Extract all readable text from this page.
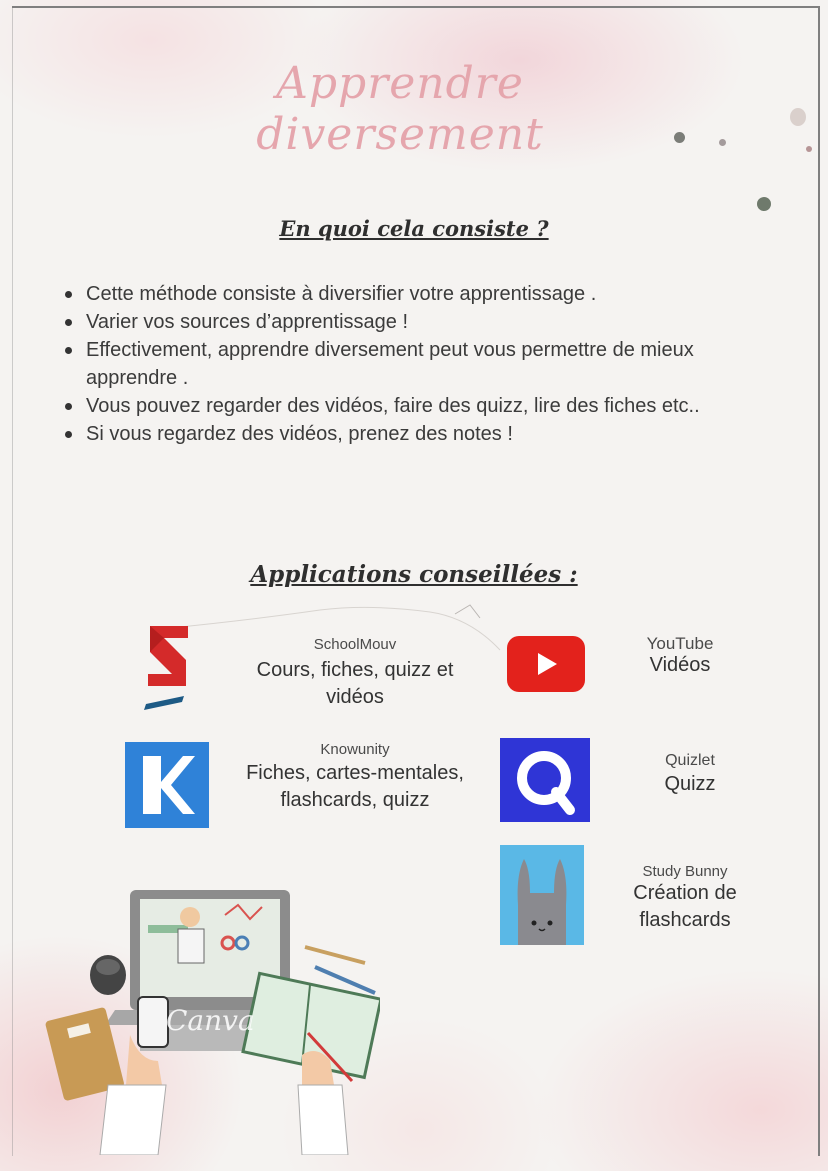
Apprendre diversement
En quoi cela consiste ?
Cette méthode consiste à diversifier votre apprentissage .
Varier vos sources d’apprentissage !
Effectivement, apprendre diversement peut vous permettre de mieux apprendre .
Vous pouvez regarder des vidéos, faire des quizz, lire des fiches etc..
Si vous regardez des vidéos, prenez des notes !
Applications conseillées :
SchoolMouv
Cours, fiches, quizz et
vidéos
YouTube
Vidéos
Knowunity
Fiches, cartes-mentales,
flashcards, quizz
Quizlet
Quizz
Study Bunny
Création de
flashcards
Canva
